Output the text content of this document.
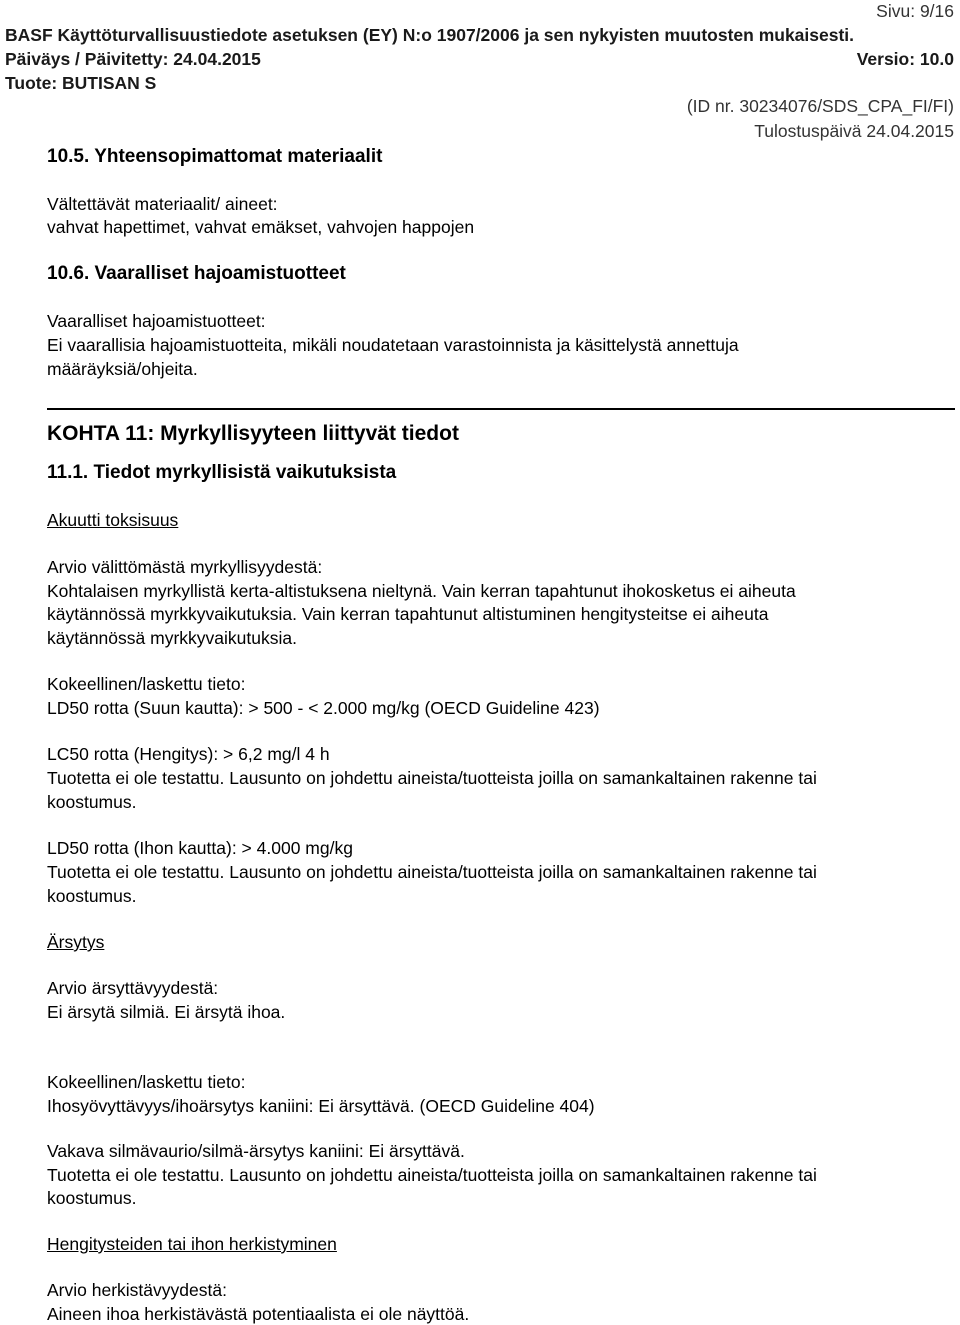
Sivu: 9/16
BASF Käyttöturvallisuustiedote asetuksen (EY) N:o 1907/2006 ja sen nykyisten muutosten mukaisesti.
Päiväys / Päivitetty: 24.04.2015	Versio: 10.0
Tuote: BUTISAN S
(ID nr. 30234076/SDS_CPA_FI/FI)
Tulostuspäivä 24.04.2015
10.5. Yhteensopimattomat materiaalit
Vältettävät materiaalit/ aineet:
vahvat hapettimet, vahvat emäkset, vahvojen happojen
10.6. Vaaralliset hajoamistuotteet
Vaaralliset hajoamistuotteet:
Ei vaarallisia hajoamistuotteita, mikäli noudatetaan varastoinnista ja käsittelystä annettuja
määräyksiä/ohjeita.
KOHTA 11: Myrkyllisyyteen liittyvät tiedot
11.1. Tiedot myrkyllisistä vaikutuksista
Akuutti toksisuus
Arvio välittömästä myrkyllisyydestä:
Kohtalaisen myrkyllistä kerta-altistuksena nieltynä. Vain kerran tapahtunut ihokosketus ei aiheuta
käytännössä myrkkyvaikutuksia. Vain kerran tapahtunut altistuminen hengitysteitse ei aiheuta
käytännössä myrkkyvaikutuksia.
Kokeellinen/laskettu tieto:
LD50 rotta (Suun kautta): > 500 - < 2.000 mg/kg (OECD Guideline 423)
LC50 rotta (Hengitys): > 6,2 mg/l 4 h
Tuotetta ei ole testattu. Lausunto on johdettu aineista/tuotteista joilla on samankaltainen rakenne tai
koostumus.
LD50 rotta (Ihon kautta): > 4.000 mg/kg
Tuotetta ei ole testattu. Lausunto on johdettu aineista/tuotteista joilla on samankaltainen rakenne tai
koostumus.
Ärsytys
Arvio ärsyttävyydestä:
Ei ärsytä silmiä. Ei ärsytä ihoa.
Kokeellinen/laskettu tieto:
Ihosyövyttävyys/ihoärsytys kaniini: Ei ärsyttävä. (OECD Guideline 404)
Vakava silmävaurio/silmä-ärsytys kaniini: Ei ärsyttävä.
Tuotetta ei ole testattu. Lausunto on johdettu aineista/tuotteista joilla on samankaltainen rakenne tai
koostumus.
Hengitysteiden tai ihon herkistyminen
Arvio herkistävyydestä:
Aineen ihoa herkistävästä potentiaalista ei ole näyttöä.
